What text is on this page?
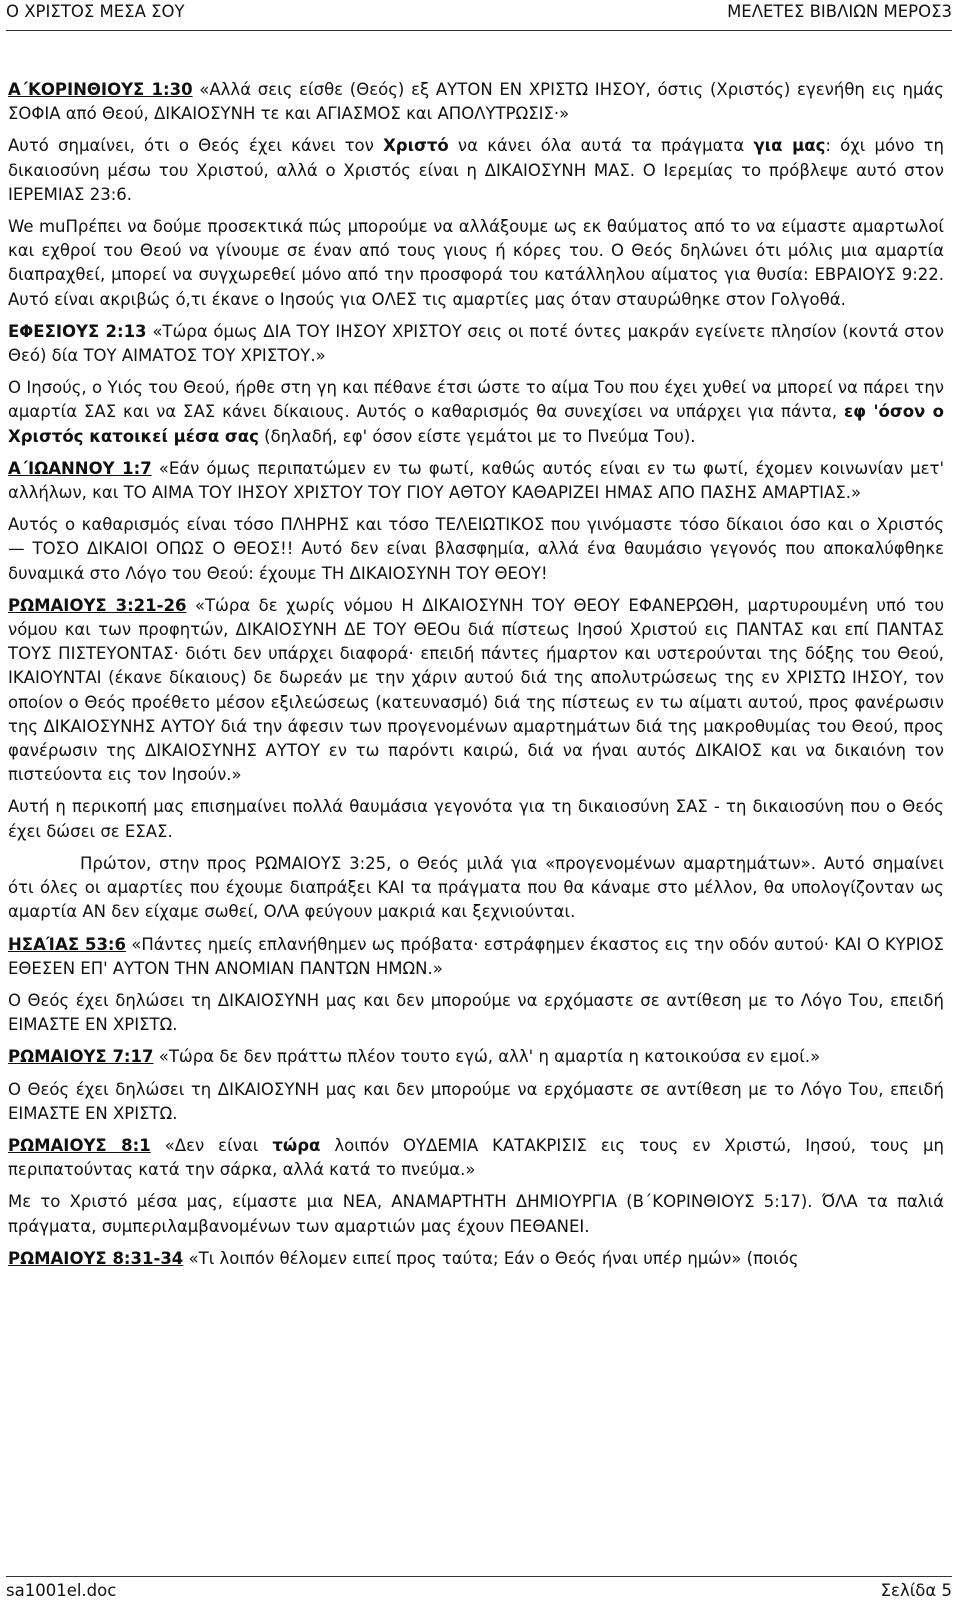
Ο ΧΡΙΣΤΟΣ ΜΕΣΑ ΣΟΥ	ΜΕΛΕΤΕΣ ΒΙΒΛΙΩΝ ΜΕΡΟΣ3

Α΄ΚΟΡΙΝΘΙΟΥΣ 1:30 «Αλλά σεις είσθε (Θεός) εξ ΑΥΤΟΝ ΕΝ ΧΡΙΣΤΩ ΙΗΣΟΥ, όστις (Χριστός) εγενήθη εις ημάς ΣΟΦΙΑ από Θεού, ΔΙΚΑΙΟΣΥΝΗ τε και ΑΓΙΑΣΜΟΣ και ΑΠΟΛΥΤΡΩΣΙΣ·»

Αυτό σημαίνει, ότι ο Θεός έχει κάνει τον Χριστό να κάνει όλα αυτά τα πράγματα για μας: όχι μόνο τη δικαιοσύνη μέσω του Χριστού, αλλά ο Χριστός είναι η ΔΙΚΑΙΟΣΥΝΗ ΜΑΣ. Ο Ιερεμίας το πρόβλεψε αυτό στον ΙΕΡΕΜΙΑΣ 23:6.

We muΠρέπει να δούμε προσεκτικά πώς μπορούμε να αλλάξουμε ως εκ θαύματος από το να είμαστε αμαρτωλοί και εχθροί του Θεού να γίνουμε σε έναν από τους γιους ή κόρες του. Ο Θεός δηλώνει ότι μόλις μια αμαρτία διαπραχθεί, μπορεί να συγχωρεθεί μόνο από την προσφορά του κατάλληλου αίματος για θυσία: ΕΒΡΑΙΟΥΣ 9:22. Αυτό είναι ακριβώς ό,τι έκανε ο Ιησούς για ΟΛΕΣ τις αμαρτίες μας όταν σταυρώθηκε στον Γολγοθά.

ΕΦΕΣΙΟΥΣ 2:13 «Τώρα όμως ΔΙΑ ΤΟΥ ΙΗΣΟΥ ΧΡΙΣΤΟΥ σεις οι ποτέ όντες μακράν εγείνετε πλησίον (κοντά στον Θεό) δία ΤΟΥ ΑΙΜΑΤΟΣ ΤΟΥ ΧΡΙΣΤΟΥ.»

Ο Ιησούς, ο Υιός του Θεού, ήρθε στη γη και πέθανε έτσι ώστε το αίμα Του που έχει χυθεί να μπορεί να πάρει την αμαρτία ΣΑΣ και να ΣΑΣ κάνει δίκαιους. Αυτός ο καθαρισμός θα συνεχίσει να υπάρχει για πάντα, εφ 'όσον ο Χριστός κατοικεί μέσα σας (δηλαδή, εφ' όσον είστε γεμάτοι με το Πνεύμα Του).

Α΄ΙΩΑΝΝΟΥ 1:7 «Εάν όμως περιπατώμεν εν τω φωτί, καθώς αυτός είναι εν τω φωτί, έχομεν κοινωνίαν μετ' αλλήλων, και ΤΟ ΑΙΜΑ ΤΟΥ ΙΗΣΟΥ ΧΡΙΣΤΟΥ ΤΟΥ ΓΙΟΥ ΑΘΤΟΥ ΚΑΘΑΡΙΖΕΙ ΗΜΑΣ ΑΠΟ ΠΑΣΗΣ ΑΜΑΡΤΙΑΣ.»

Αυτός ο καθαρισμός είναι τόσο ΠΛΗΡΗΣ και τόσο ΤΕΛΕΙΩΤΙΚΟΣ που γινόμαστε τόσο δίκαιοι όσο και ο Χριστός — ΤΟΣΟ ΔΙΚΑΙΟΙ ΟΠΩΣ Ο ΘΕΟΣ!! Αυτό δεν είναι βλασφημία, αλλά ένα θαυμάσιο γεγονός που αποκαλύφθηκε δυναμικά στο Λόγο του Θεού: έχουμε ΤΗ ΔΙΚΑΙΟΣΥΝΗ ΤΟΥ ΘΕΟΥ!

ΡΩΜΑΙΟΥΣ 3:21-26 «Τώρα δε χωρίς νόμου Η ΔΙΚΑΙΟΣΥΝΗ ΤΟΥ ΘΕΟΥ ΕΦΑΝΕΡΩΘΗ, μαρτυρουμένη υπό του νόμου και των προφητών, ΔΙΚΑΙΟΣΥΝΗ ΔΕ ΤΟΥ ΘΕΟu διά πίστεως Ιησού Χριστού εις ΠΑΝΤΑΣ και επί ΠΑΝΤΑΣ ΤΟΥΣ ΠΙΣΤΕΥΟΝΤΑΣ· διότι δεν υπάρχει διαφορά· επειδή πάντες ήμαρτον και υστερούνται της δόξης του Θεού, ΙΚΑΙΟΥΝΤΑΙ (έκανε δίκαιους) δε δωρεάν με την χάριν αυτού διά της απολυτρώσεως της εν ΧΡΙΣΤΩ ΙΗΣΟΥ, τον οποίον ο Θεός προέθετο μέσον εξιλεώσεως (κατευνασμό) διά της πίστεως εν τω αίματι αυτού, προς φανέρωσιν της ΔΙΚΑΙΟΣΥΝΗΣ ΑΥΤΟΥ διά την άφεσιν των προγενομένων αμαρτημάτων διά της μακροθυμίας του Θεού, προς φανέρωσιν της ΔΙΚΑΙΟΣΥΝΗΣ ΑΥΤΟΥ εν τω παρόντι καιρώ, διά να ήναι αυτός ΔΙΚΑΙΟΣ και να δικαιόνη τον πιστεύοντα εις τον Ιησούν.»

Αυτή η περικοπή μας επισημαίνει πολλά θαυμάσια γεγονότα για τη δικαιοσύνη ΣΑΣ - τη δικαιοσύνη που ο Θεός έχει δώσει σε ΕΣΑΣ.

Πρώτον, στην προς ΡΩΜΑΙΟΥΣ 3:25, ο Θεός μιλά για «προγενομένων αμαρτημάτων». Αυτό σημαίνει ότι όλες οι αμαρτίες που έχουμε διαπράξει ΚΑΙ τα πράγματα που θα κάναμε στο μέλλον, θα υπολογίζονταν ως αμαρτία ΑΝ δεν είχαμε σωθεί, ΟΛΑ φεύγουν μακριά και ξεχνιούνται.

ΗΣΑΊΑΣ 53:6 «Πάντες ημείς επλανήθημεν ως πρόβατα· εστράφημεν έκαστος εις την οδόν αυτού· ΚΑΙ Ο ΚΥΡΙΟΣ ΕΘΕΣΕΝ ΕΠ' ΑΥΤΟΝ ΤΗΝ ΑΝΟΜΙΑΝ ΠΑΝΤΩΝ ΗΜΩΝ.»

Ο Θεός έχει δηλώσει τη ΔΙΚΑΙΟΣΥΝΗ μας και δεν μπορούμε να ερχόμαστε σε αντίθεση με το Λόγο Του, επειδή ΕΙΜΑΣΤΕ ΕΝ ΧΡΙΣΤΩ.

ΡΩΜΑΙΟΥΣ 7:17 «Τώρα δε δεν πράττω πλέον τουτο εγώ, αλλ' η αμαρτία η κατοικούσα εν εμοί.»

Ο Θεός έχει δηλώσει τη ΔΙΚΑΙΟΣΥΝΗ μας και δεν μπορούμε να ερχόμαστε σε αντίθεση με το Λόγο Του, επειδή ΕΙΜΑΣΤΕ ΕΝ ΧΡΙΣΤΩ.

ΡΩΜΑΙΟΥΣ 8:1 «Δεν είναι τώρα λοιπόν ΟΥΔΕΜΙΑ ΚΑΤΑΚΡΙΣΙΣ εις τους εν Χριστώ, Ιησού, τους μη περιπατούντας κατά την σάρκα, αλλά κατά το πνεύμα.»

Με το Χριστό μέσα μας, είμαστε μια ΝΕΑ, ΑΝΑΜΑΡΤΗΤΗ ΔΗΜΙΟΥΡΓΙΑ (Β΄ΚΟΡΙΝΘΙΟΥΣ 5:17). Ό́ΛΑ τα παλιά πράγματα, συμπεριλαμβανομένων των αμαρτιών μας έχουν ΠΕΘΑΝΕΙ.

ΡΩΜΑΙΟΥΣ 8:31-34 «Τι λοιπόν θέλομεν ειπεί προς ταύτα; Εάν ο Θεός ήναι υπέρ ημών» (ποιός

sa1001el.doc	Σελίδα 5
